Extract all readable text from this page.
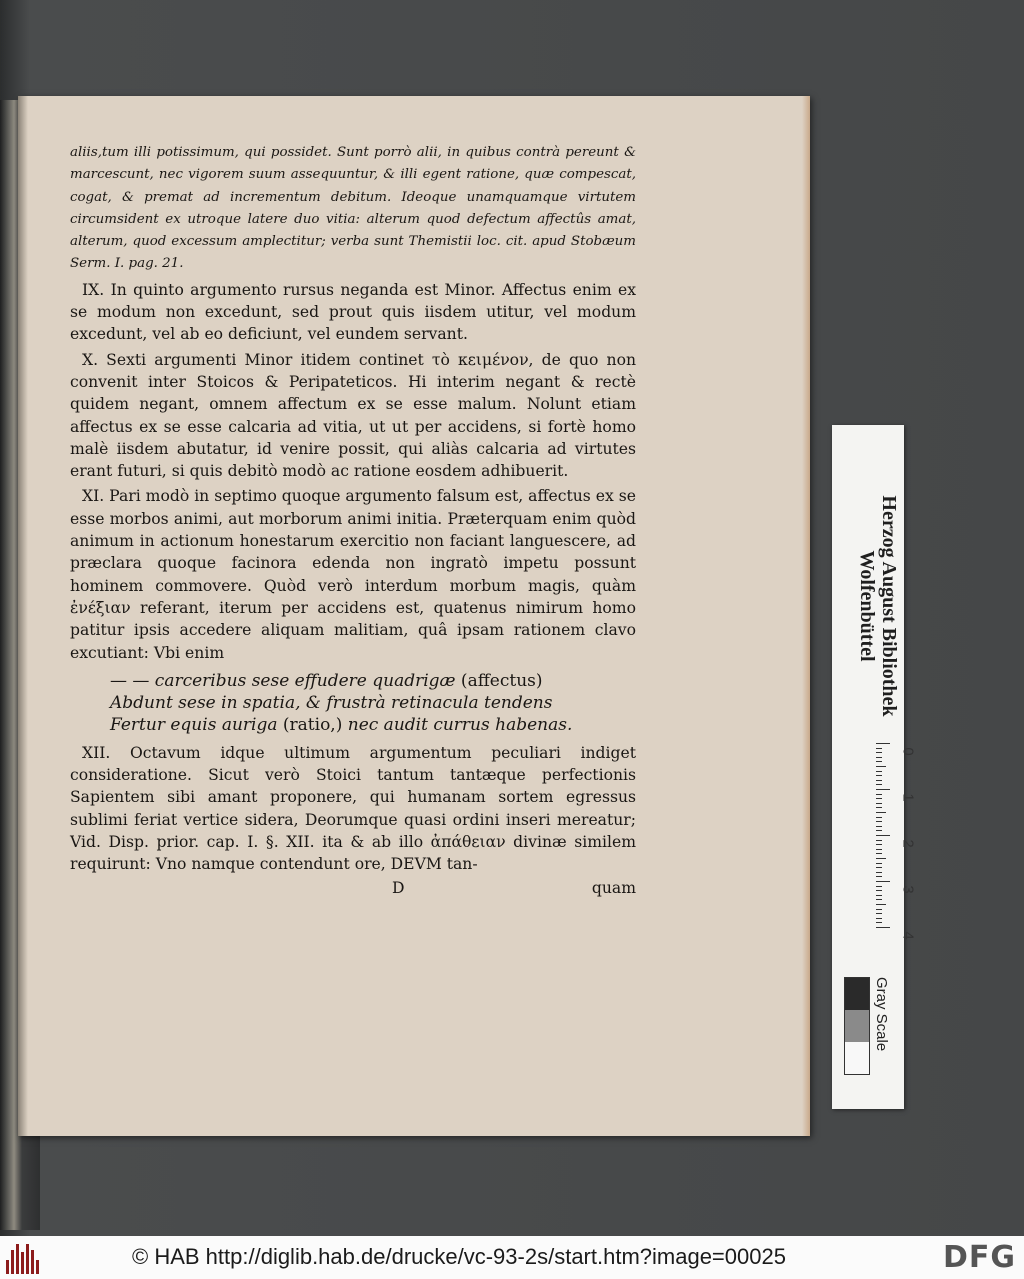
aliis,tum illi potissimum, qui possidet. Sunt porrò alii, in quibus contrà pereunt & marcescunt, nec vigorem suum assequuntur, & illi egent ratione, quæ compescat, cogat, & premat ad incrementum debitum. Ideoque unamquamque virtutem circumsident ex utroque latere duo vitia: alterum quod defectum affectûs amat, alterum, quod excessum amplectitur; verba sunt Themistii loc. cit. apud Stobæum Serm. I. pag. 21.

IX. In quinto argumento rursus neganda est Minor. Affectus enim ex se modum non excedunt, sed prout quis iisdem utitur, vel modum excedunt, vel ab eo deficiunt, vel eundem servant.

X. Sexti argumenti Minor itidem continet τὸ κειμένον, de quo non convenit inter Stoicos & Peripateticos. Hi interim negant & rectè quidem negant, omnem affectum ex se esse malum. Nolunt etiam affectus ex se esse calcaria ad vitia, ut ut per accidens, si fortè homo malè iisdem abutatur, id venire possit, qui aliàs calcaria ad virtutes erant futuri, si quis debitò modò ac ratione eosdem adhibuerit.

XI. Pari modò in septimo quoque argumento falsum est, affectus ex se esse morbos animi, aut morborum animi initia. Præterquam enim quòd animum in actionum honestarum exercitio non faciant languescere, ad præclara quoque facinora edenda non ingratò impetu possunt hominem commovere. Quòd verò interdum morbum magis, quàm ἐνέξιαν referant, iterum per accidens est, quatenus nimirum homo patitur ipsis accedere aliquam malitiam, quâ ipsam rationem clavo excutiant: Vbi enim

— — carceribus sese effudere quadrigæ (affectus)
Abdunt sese in spatia, & frustrà retinacula tendens
Fertur equis auriga (ratio,) nec audit currus habenas.

XII. Octavum idque ultimum argumentum peculiari indiget consideratione. Sicut verò Stoici tantum tantæque perfectionis Sapientem sibi amant proponere, qui humanam sortem egressus sublimi feriat vertice sidera, Deorumque quasi ordini inseri mereatur; Vid. Disp. prior. cap. I. §. XII. ita & ab illo ἀπάθειαν divinæ similem requirunt: Vno namque contendunt ore, DEVM tan-

D	quam
Herzog August Bibliothek
Wolfenbüttel
0
1
2
3
4
Gray Scale
© HAB http://diglib.hab.de/drucke/vc-93-2s/start.htm?image=00025	DFG
